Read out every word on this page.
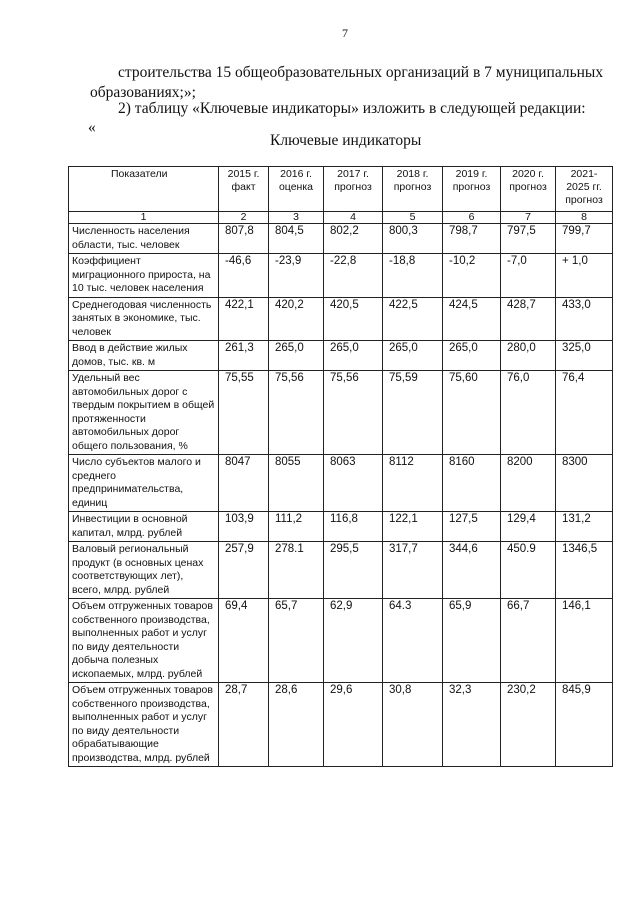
7
строительства 15 общеобразовательных организаций в 7 муниципальных
образованиях;»;
2) таблицу «Ключевые индикаторы» изложить в следующей редакции:
«
Ключевые индикаторы
Показатели	2015 г. факт	2016 г. оценка	2017 г. прогноз	2018 г. прогноз	2019 г. прогноз	2020 г. прогноз	2021-2025 гг. прогноз
1	2	3	4	5	6	7	8
Численность населения области, тыс. человек	807,8	804,5	802,2	800,3	798,7	797,5	799,7
Коэффициент миграционного прироста, на 10 тыс. человек населения	-46,6	-23,9	-22,8	-18,8	-10,2	-7,0	+ 1,0
Среднегодовая численность занятых в экономике, тыс. человек	422,1	420,2	420,5	422,5	424,5	428,7	433,0
Ввод в действие жилых домов, тыс. кв. м	261,3	265,0	265,0	265,0	265,0	280,0	325,0
Удельный вес автомобильных дорог с твердым покрытием в общей протяженности автомобильных дорог общего пользования, %	75,55	75,56	75,56	75,59	75,60	76,0	76,4
Число субъектов малого и среднего предпринимательства, единиц	8047	8055	8063	8112	8160	8200	8300
Инвестиции в основной капитал, млрд. рублей	103,9	111,2	116,8	122,1	127,5	129,4	131,2
Валовый региональный продукт (в основных ценах соответствующих лет), всего, млрд. рублей	257,9	278.1	295,5	317,7	344,6	450.9	1346,5
Объем отгруженных товаров собственного производства, выполненных работ и услуг по виду деятельности добыча полезных ископаемых, млрд. рублей	69,4	65,7	62,9	64.3	65,9	66,7	146,1
Объем отгруженных товаров собственного производства, выполненных работ и услуг по виду деятельности обрабатывающие производства, млрд. рублей	28,7	28,6	29,6	30,8	32,3	230,2	845,9
